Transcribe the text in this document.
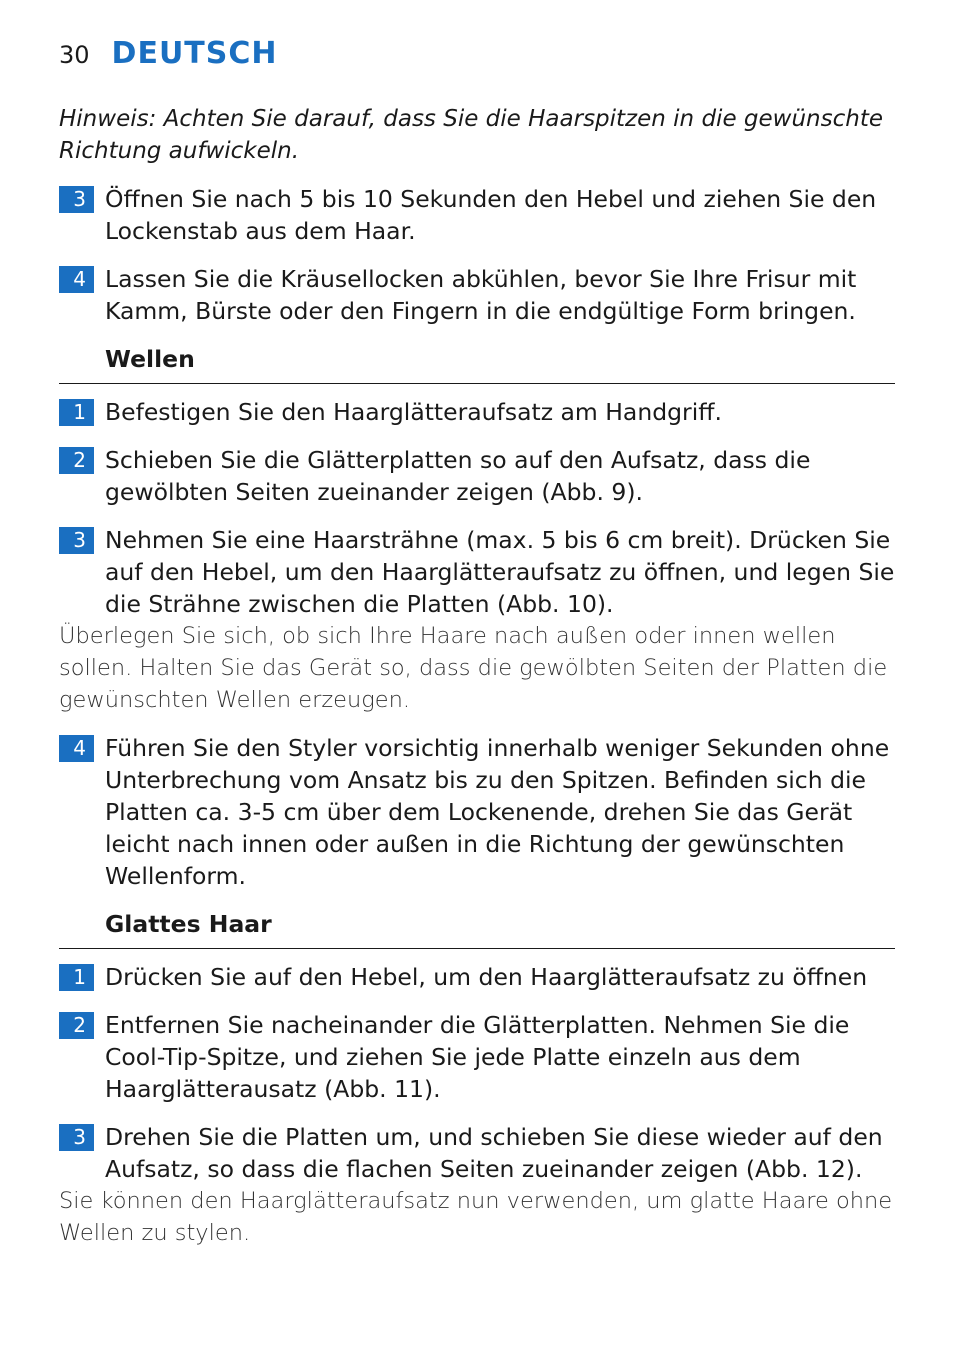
30 DEUTSCH

Hinweis: Achten Sie darauf, dass Sie die Haarspitzen in die gewünschte Richtung aufwickeln.

3 Öffnen Sie nach 5 bis 10 Sekunden den Hebel und ziehen Sie den Lockenstab aus dem Haar.
4 Lassen Sie die Kräusellocken abkühlen, bevor Sie Ihre Frisur mit Kamm, Bürste oder den Fingern in die endgültige Form bringen.
Wellen
1 Befestigen Sie den Haarglätteraufsatz am Handgriff.
2 Schieben Sie die Glätterplatten so auf den Aufsatz, dass die gewölbten Seiten zueinander zeigen (Abb. 9).
3 Nehmen Sie eine Haarsträhne (max. 5 bis 6 cm breit). Drücken Sie auf den Hebel, um den Haarglätteraufsatz zu öffnen, und legen Sie die Strähne zwischen die Platten (Abb. 10).

Überlegen Sie sich, ob sich Ihre Haare nach außen oder innen wellen sollen. Halten Sie das Gerät so, dass die gewölbten Seiten der Platten die gewünschten Wellen erzeugen.

4 Führen Sie den Styler vorsichtig innerhalb weniger Sekunden ohne Unterbrechung vom Ansatz bis zu den Spitzen. Befinden sich die Platten ca. 3-5 cm über dem Lockenende, drehen Sie das Gerät leicht nach innen oder außen in die Richtung der gewünschten Wellenform.
Glattes Haar
1 Drücken Sie auf den Hebel, um den Haarglätteraufsatz zu öffnen
2 Entfernen Sie nacheinander die Glätterplatten. Nehmen Sie die Cool-Tip-Spitze, und ziehen Sie jede Platte einzeln aus dem Haarglätterausatz (Abb. 11).
3 Drehen Sie die Platten um, und schieben Sie diese wieder auf den Aufsatz, so dass die flachen Seiten zueinander zeigen (Abb. 12).

Sie können den Haarglätteraufsatz nun verwenden, um glatte Haare ohne Wellen zu stylen.
